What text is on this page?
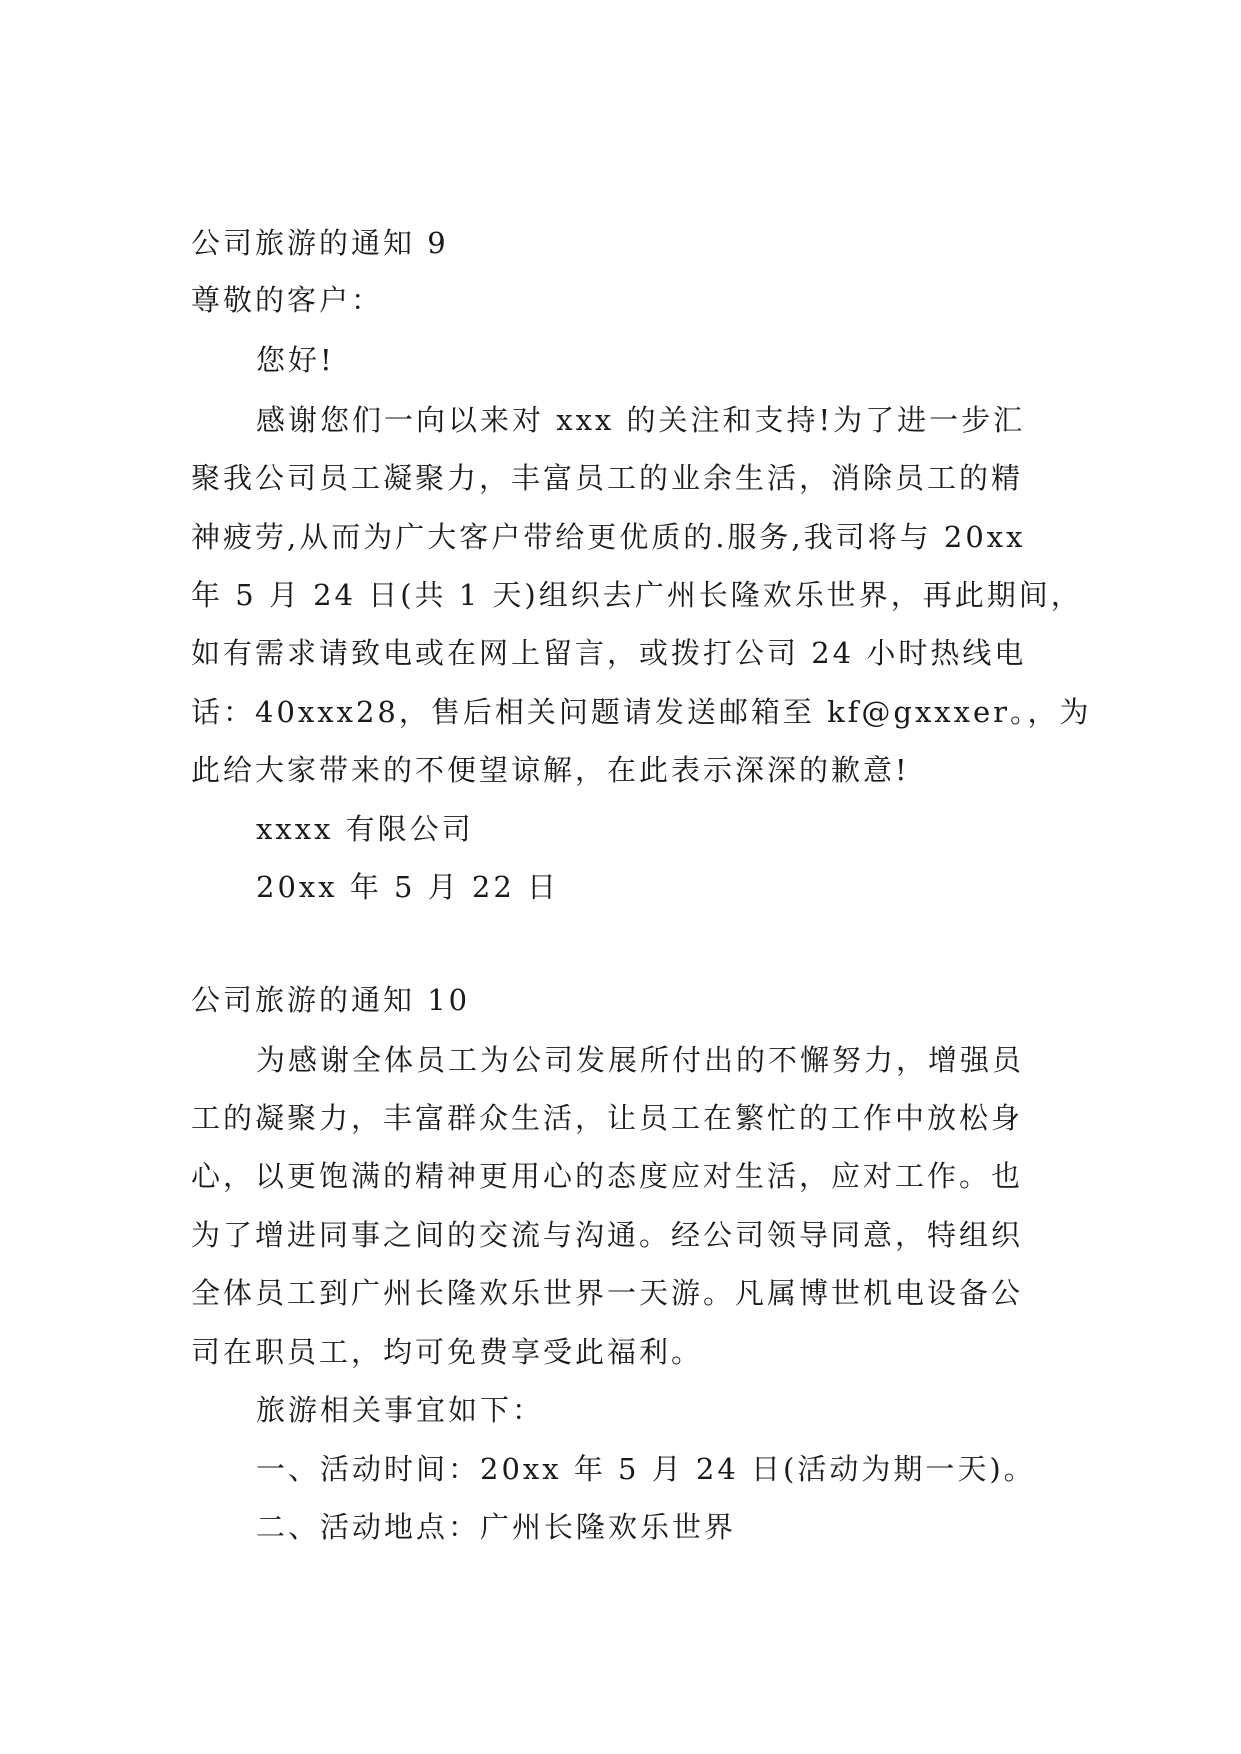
公司旅游的通知 9
尊敬的客户：
您好!
感谢您们一向以来对 xxx 的关注和支持!为了进一步汇
聚我公司员工凝聚力，丰富员工的业余生活，消除员工的精
神疲劳,从而为广大客户带给更优质的.服务,我司将与 20xx
年 5 月 24 日(共 1 天)组织去广州长隆欢乐世界，再此期间，
如有需求请致电或在网上留言，或拨打公司 24 小时热线电
话：40xxx28，售后相关问题请发送邮箱至 kf@gxxxer。，为
此给大家带来的不便望谅解，在此表示深深的歉意!
xxxx 有限公司
20xx 年 5 月 22 日
公司旅游的通知 10
为感谢全体员工为公司发展所付出的不懈努力，增强员
工的凝聚力，丰富群众生活，让员工在繁忙的工作中放松身
心，以更饱满的精神更用心的态度应对生活，应对工作。也
为了增进同事之间的交流与沟通。经公司领导同意，特组织
全体员工到广州长隆欢乐世界一天游。凡属博世机电设备公
司在职员工，均可免费享受此福利。
旅游相关事宜如下：
一、活动时间：20xx 年 5 月 24 日(活动为期一天)。
二、活动地点：广州长隆欢乐世界
